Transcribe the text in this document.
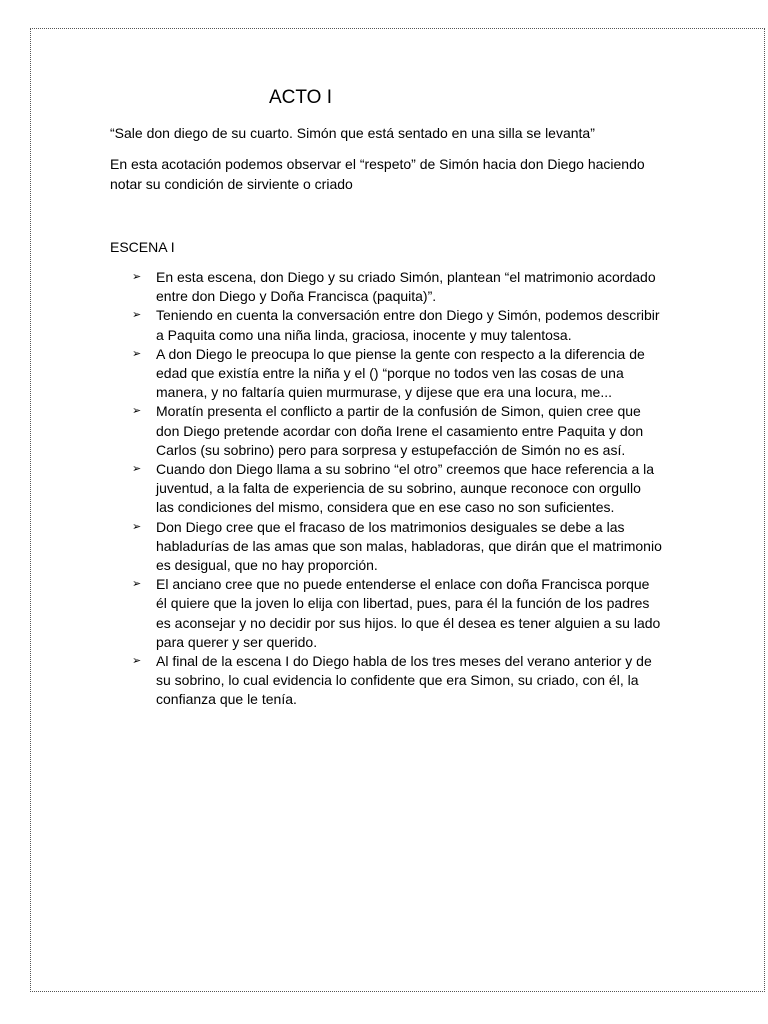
ACTO I

“Sale don diego de su cuarto. Simón que está sentado en una silla se levanta”

En esta acotación podemos observar el “respeto” de Simón hacia don Diego haciendo notar su condición de sirviente o criado

ESCENA I

➢	En esta escena, don Diego y su criado Simón, plantean “el matrimonio acordado entre don Diego y Doña Francisca (paquita)”.
➢	Teniendo en cuenta la conversación entre don Diego y Simón, podemos describir a Paquita como una niña linda, graciosa, inocente y muy talentosa.
➢	A don Diego le preocupa lo que piense la gente con respecto a la diferencia de edad que existía entre la niña y el () “porque no todos ven las cosas de una manera, y no faltaría quien murmurase, y dijese que era una locura, me...
➢	Moratín presenta el conflicto a partir de la confusión de Simon, quien cree que don Diego pretende acordar con doña Irene el casamiento entre Paquita y don Carlos (su sobrino) pero para sorpresa y estupefacción de Simón no es así.
➢	Cuando don Diego llama a su sobrino “el otro” creemos que hace referencia a la juventud, a la falta de experiencia de su sobrino, aunque reconoce con orgullo las condiciones del mismo, considera que en ese caso no son suficientes.
➢	Don Diego cree que el fracaso de los matrimonios desiguales se debe a las habladurías de las amas que son malas, habladoras, que dirán que el matrimonio es desigual, que no hay proporción.
➢	El anciano cree que no puede entenderse el enlace con doña Francisca porque él quiere que la joven lo elija con libertad, pues, para él la función de los padres es aconsejar y no decidir por sus hijos. lo que él desea es tener alguien a su lado para querer y ser querido.
➢	Al final de la escena I do Diego habla de los tres meses del verano anterior y de su sobrino, lo cual evidencia lo confidente que era Simon, su criado, con él, la confianza que le tenía.
